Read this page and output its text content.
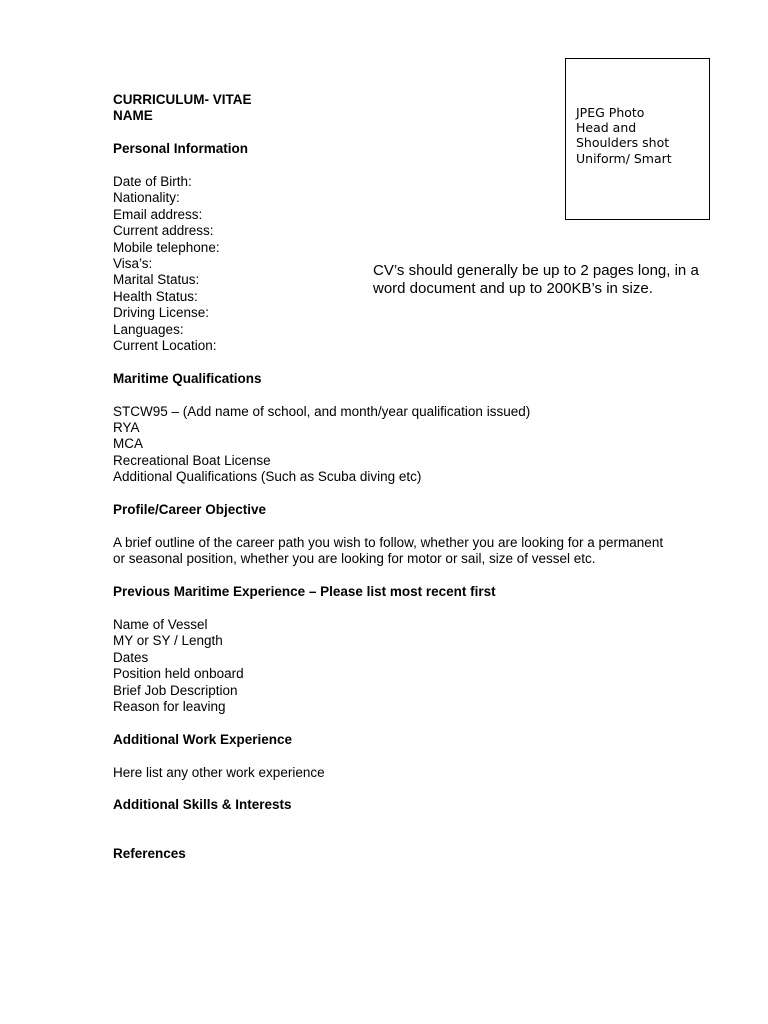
CURRICULUM- VITAE
NAME
Personal Information
Date of Birth:
Nationality:
Email address:
Current address:
Mobile telephone:
Visa’s:
Marital Status:
Health Status:
Driving License:
Languages:
Current Location:
Maritime Qualifications
STCW95 – (Add name of school, and month/year qualification issued)
RYA
MCA
Recreational Boat License
Additional Qualifications (Such as Scuba diving etc)
Profile/Career Objective
A brief outline of the career path you wish to follow, whether you are looking for a permanent or seasonal position, whether you are looking for motor or sail, size of vessel etc.
Previous Maritime Experience – Please list most recent first
Name of Vessel
MY or SY / Length
Dates
Position held onboard
Brief Job Description
Reason for leaving
Additional Work Experience
Here list any other work experience
Additional Skills & Interests
References
JPEG Photo
Head and
Shoulders shot
Uniform/ Smart
CV’s should generally be up to 2 pages long, in a word document and up to 200KB’s in size.
